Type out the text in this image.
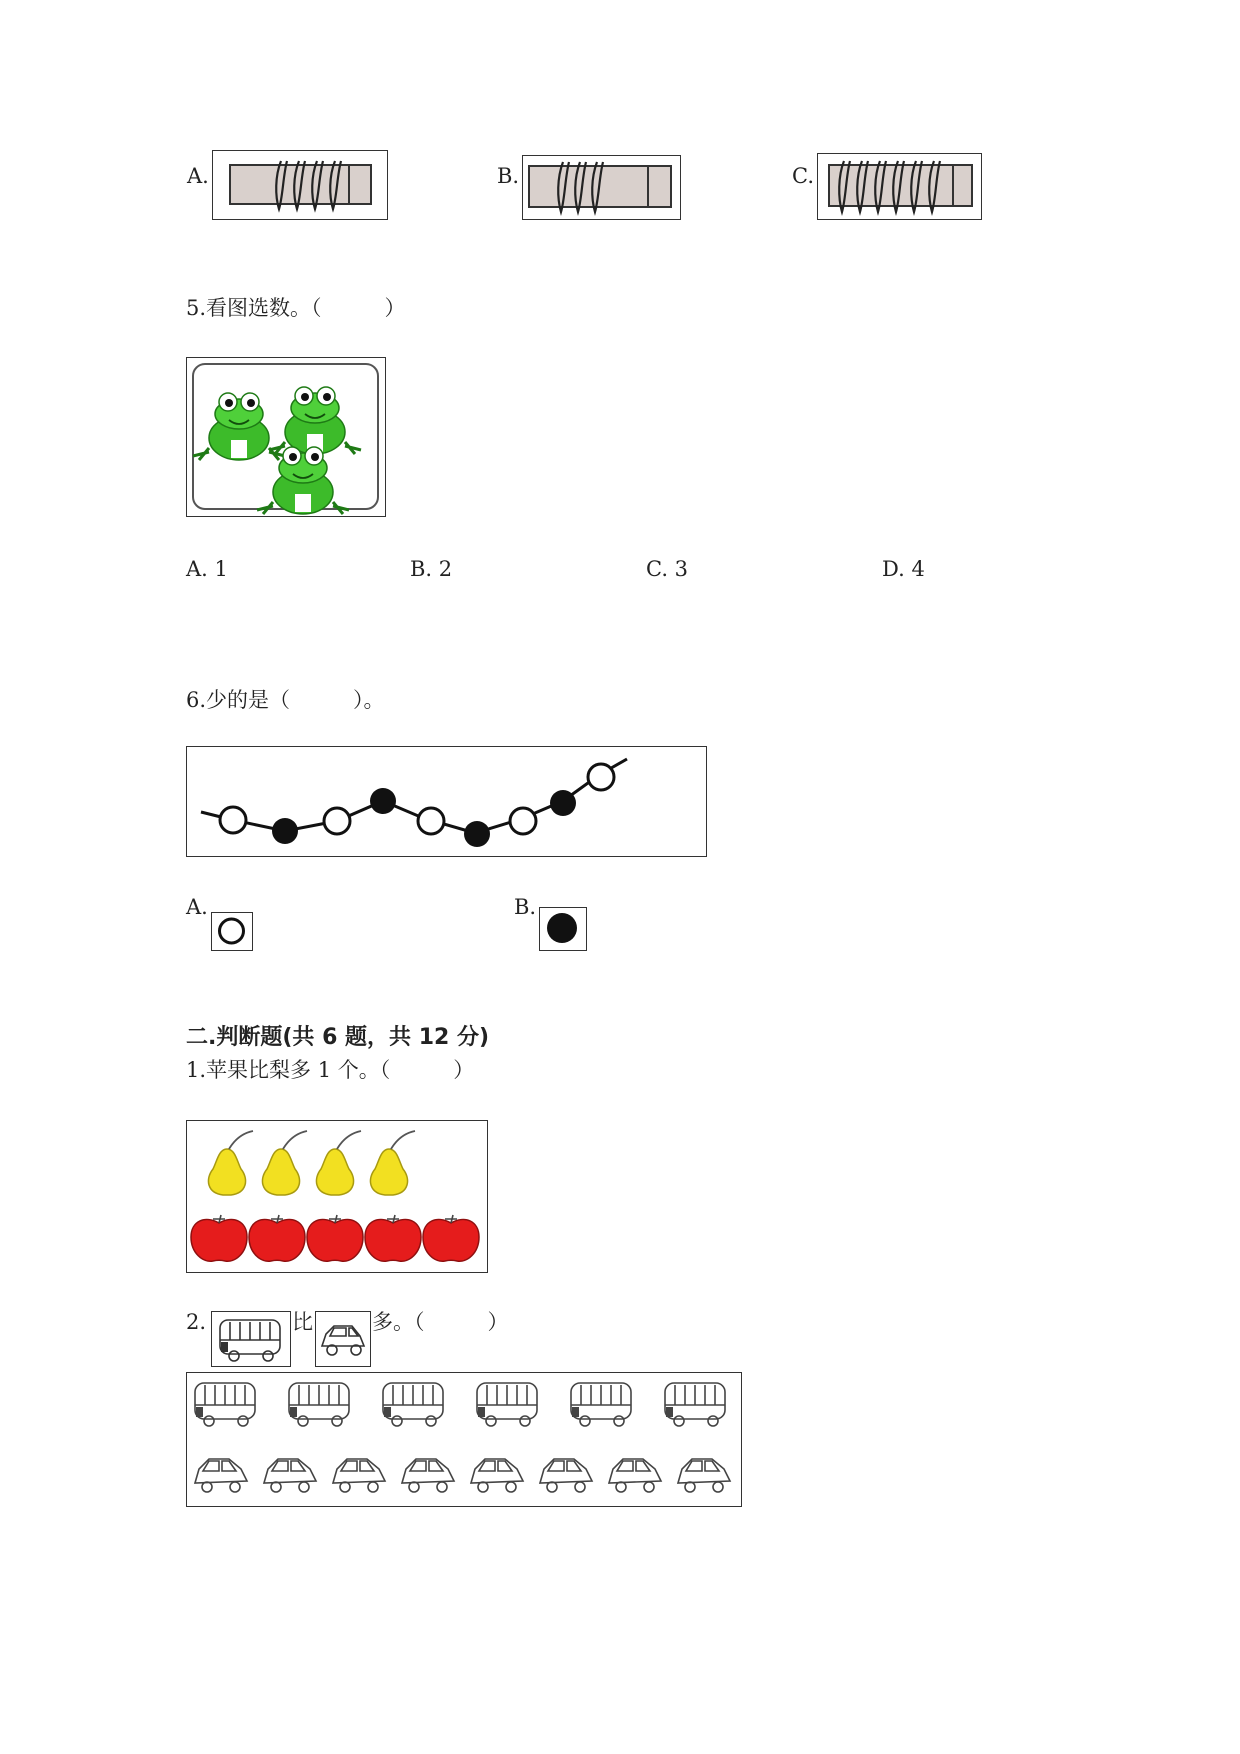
A.	B.	C.
5.看图选数。（　　　）
A. 1	B. 2	C. 3	D. 4
6.少的是（　　　）。
A.	B.
二.判断题(共 6 题，共 12 分)
1.苹果比梨多 1 个。（　　　）
2.	比	多。（　　　）
